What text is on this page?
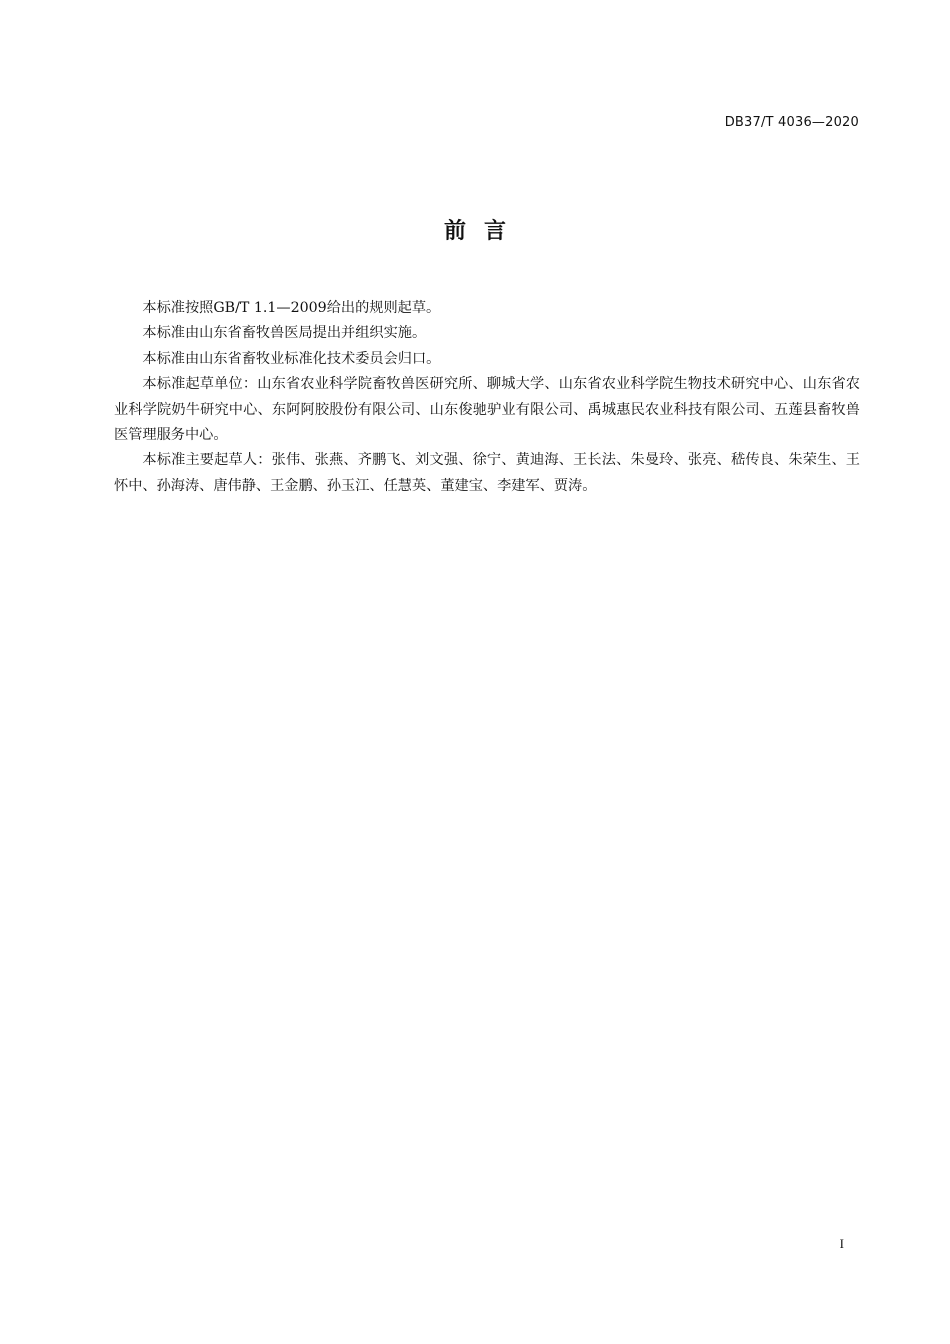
DB37/T 4036—2020
前言

本标准按照GB/T 1.1—2009给出的规则起草。

本标准由山东省畜牧兽医局提出并组织实施。

本标准由山东省畜牧业标准化技术委员会归口。

本标准起草单位：山东省农业科学院畜牧兽医研究所、聊城大学、山东省农业科学院生物技术研究中心、山东省农业科学院奶牛研究中心、东阿阿胶股份有限公司、山东俊驰驴业有限公司、禹城惠民农业科技有限公司、五莲县畜牧兽医管理服务中心。

本标准主要起草人：张伟、张燕、齐鹏飞、刘文强、徐宁、黄迪海、王长法、朱曼玲、张亮、嵇传良、朱荣生、王怀中、孙海涛、唐伟静、王金鹏、孙玉江、任慧英、董建宝、李建军、贾涛。

I
